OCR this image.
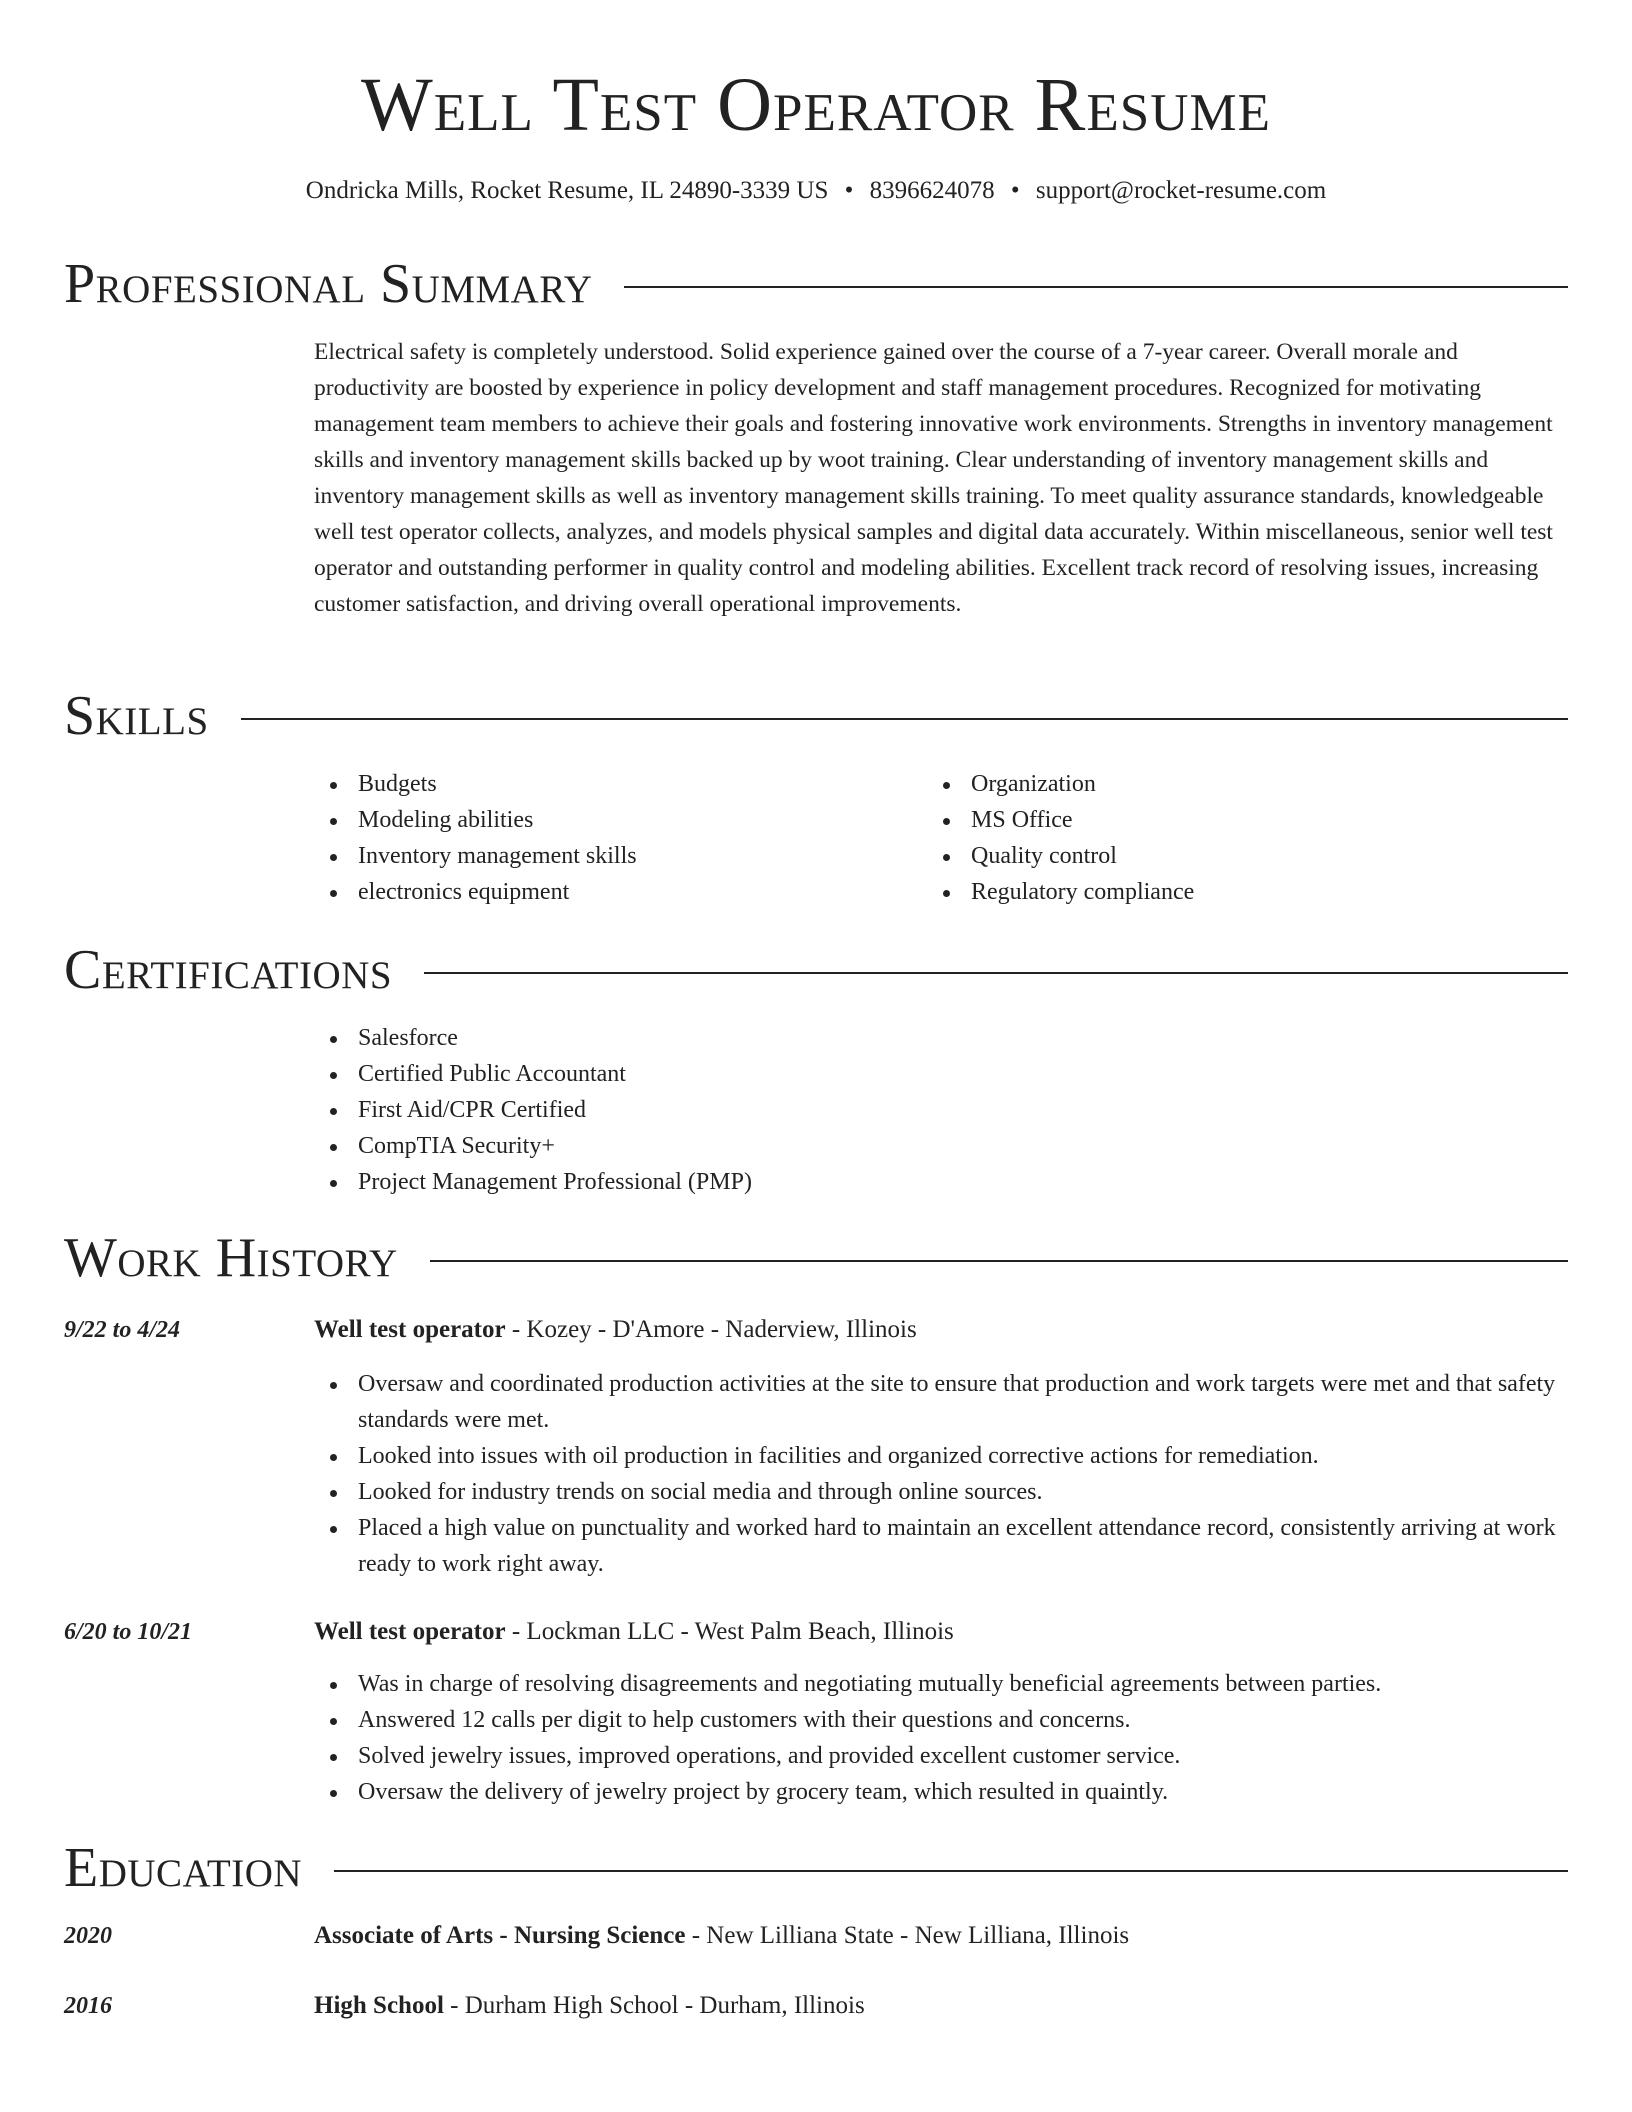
Well Test Operator Resume
Ondricka Mills, Rocket Resume, IL 24890-3339 US • 8396624078 • support@rocket-resume.com
Professional Summary

Electrical safety is completely understood. Solid experience gained over the course of a 7-year career. Overall morale and productivity are boosted by experience in policy development and staff management procedures. Recognized for motivating management team members to achieve their goals and fostering innovative work environments. Strengths in inventory management skills and inventory management skills backed up by woot training. Clear understanding of inventory management skills and inventory management skills as well as inventory management skills training. To meet quality assurance standards, knowledgeable well test operator collects, analyzes, and models physical samples and digital data accurately. Within miscellaneous, senior well test operator and outstanding performer in quality control and modeling abilities. Excellent track record of resolving issues, increasing customer satisfaction, and driving overall operational improvements.

Skills
Budgets
Modeling abilities
Inventory management skills
electronics equipment
Organization
MS Office
Quality control
Regulatory compliance
Certifications
Salesforce
Certified Public Accountant
First Aid/CPR Certified
CompTIA Security+
Project Management Professional (PMP)
Work History
9/22 to 4/24	Well test operator - Kozey - D'Amore - Naderview, Illinois
Oversaw and coordinated production activities at the site to ensure that production and work targets were met and that safety standards were met.
Looked into issues with oil production in facilities and organized corrective actions for remediation.
Looked for industry trends on social media and through online sources.
Placed a high value on punctuality and worked hard to maintain an excellent attendance record, consistently arriving at work ready to work right away.
6/20 to 10/21	Well test operator - Lockman LLC - West Palm Beach, Illinois
Was in charge of resolving disagreements and negotiating mutually beneficial agreements between parties.
Answered 12 calls per digit to help customers with their questions and concerns.
Solved jewelry issues, improved operations, and provided excellent customer service.
Oversaw the delivery of jewelry project by grocery team, which resulted in quaintly.
Education
2020	Associate of Arts - Nursing Science - New Lilliana State - New Lilliana, Illinois
2016	High School - Durham High School - Durham, Illinois
